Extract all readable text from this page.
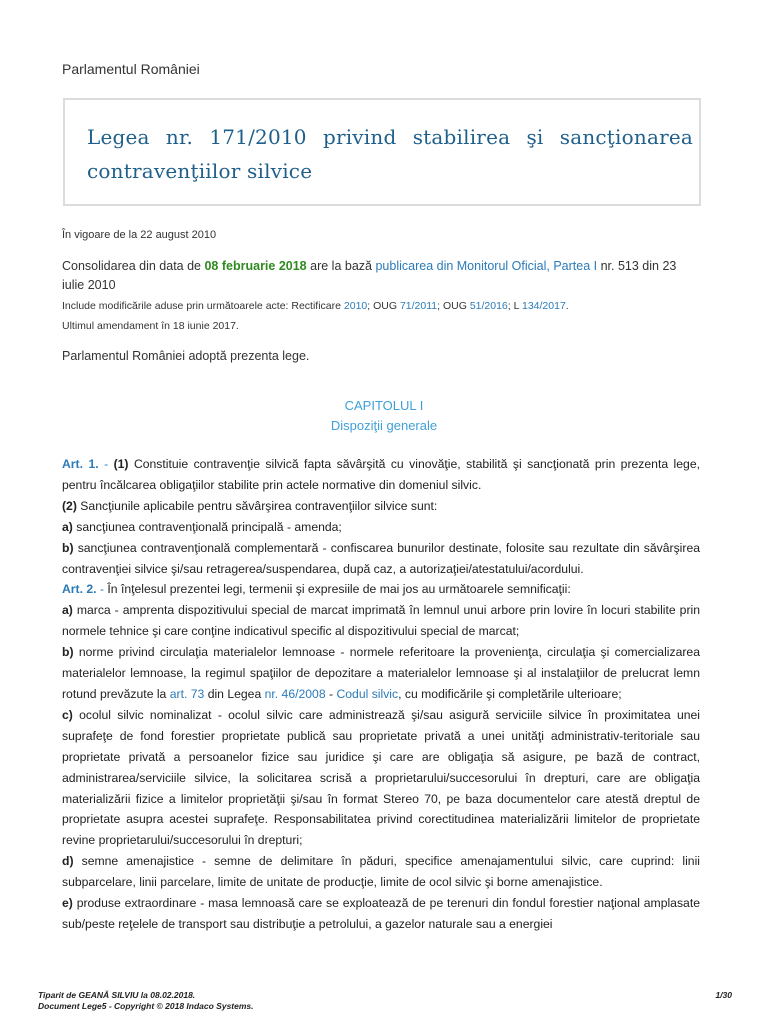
Parlamentul României
Legea nr. 171/2010 privind stabilirea şi sancţionarea contravenţiilor silvice
În vigoare de la 22 august 2010
Consolidarea din data de 08 februarie 2018 are la bază publicarea din Monitorul Oficial, Partea I nr. 513 din 23 iulie 2010
Include modificările aduse prin următoarele acte: Rectificare 2010; OUG 71/2011; OUG 51/2016; L 134/2017.
Ultimul amendament în 18 iunie 2017.
Parlamentul României adoptă prezenta lege.
CAPITOLUL I
Dispoziţii generale

Art. 1. - (1) Constituie contravenţie silvică fapta săvârşită cu vinovăţie, stabilită şi sancţionată prin prezenta lege, pentru încălcarea obligaţiilor stabilite prin actele normative din domeniul silvic.

(2) Sancţiunile aplicabile pentru săvârşirea contravenţiilor silvice sunt:

a) sancţiunea contravenţională principală - amenda;

b) sancţiunea contravenţională complementară - confiscarea bunurilor destinate, folosite sau rezultate din săvârşirea contravenţiei silvice şi/sau retragerea/suspendarea, după caz, a autorizaţiei/atestatului/acordului.

Art. 2. - În înţelesul prezentei legi, termenii şi expresiile de mai jos au următoarele semnificaţii:

a) marca - amprenta dispozitivului special de marcat imprimată în lemnul unui arbore prin lovire în locuri stabilite prin normele tehnice şi care conţine indicativul specific al dispozitivului special de marcat;

b) norme privind circulaţia materialelor lemnoase - normele referitoare la provenienţa, circulaţia şi comercializarea materialelor lemnoase, la regimul spaţiilor de depozitare a materialelor lemnoase şi al instalaţiilor de prelucrat lemn rotund prevăzute la art. 73 din Legea nr. 46/2008 - Codul silvic, cu modificările şi completările ulterioare;

c) ocolul silvic nominalizat - ocolul silvic care administrează şi/sau asigură serviciile silvice în proximitatea unei suprafeţe de fond forestier proprietate publică sau proprietate privată a unei unităţi administrativ-teritoriale sau proprietate privată a persoanelor fizice sau juridice şi care are obligaţia să asigure, pe bază de contract, administrarea/serviciile silvice, la solicitarea scrisă a proprietarului/succesorului în drepturi, care are obligaţia materializării fizice a limitelor proprietăţii şi/sau în format Stereo 70, pe baza documentelor care atestă dreptul de proprietate asupra acestei suprafeţe. Responsabilitatea privind corectitudinea materializării limitelor de proprietate revine proprietarului/succesorului în drepturi;

d) semne amenajistice - semne de delimitare în păduri, specifice amenajamentului silvic, care cuprind: linii subparcelare, linii parcelare, limite de unitate de producţie, limite de ocol silvic şi borne amenajistice.

e) produse extraordinare - masa lemnoasă care se exploatează de pe terenuri din fondul forestier naţional amplasate sub/peste reţelele de transport sau distribuţie a petrolului, a gazelor naturale sau a energiei

Tiparit de GEANĂ SILVIU la 08.02.2018.
Document Lege5 - Copyright © 2018 Indaco Systems.
1/30
